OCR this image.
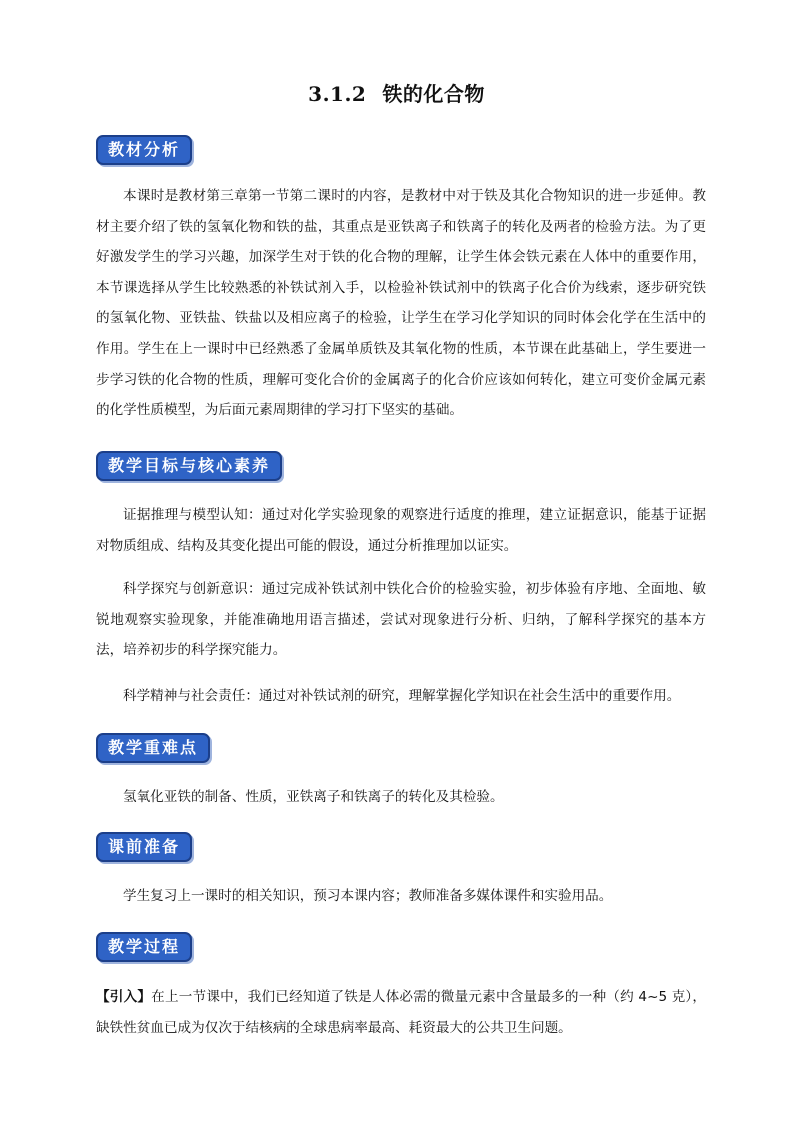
3.1.2 铁的化合物
教材分析
本课时是教材第三章第一节第二课时的内容，是教材中对于铁及其化合物知识的进一步延伸。教材主要介绍了铁的氢氧化物和铁的盐，其重点是亚铁离子和铁离子的转化及两者的检验方法。为了更好激发学生的学习兴趣，加深学生对于铁的化合物的理解，让学生体会铁元素在人体中的重要作用，本节课选择从学生比较熟悉的补铁试剂入手，以检验补铁试剂中的铁离子化合价为线索，逐步研究铁的氢氧化物、亚铁盐、铁盐以及相应离子的检验，让学生在学习化学知识的同时体会化学在生活中的作用。学生在上一课时中已经熟悉了金属单质铁及其氧化物的性质，本节课在此基础上，学生要进一步学习铁的化合物的性质，理解可变化合价的金属离子的化合价应该如何转化，建立可变价金属元素的化学性质模型，为后面元素周期律的学习打下坚实的基础。
教学目标与核心素养
证据推理与模型认知：通过对化学实验现象的观察进行适度的推理，建立证据意识，能基于证据对物质组成、结构及其变化提出可能的假设，通过分析推理加以证实。
科学探究与创新意识：通过完成补铁试剂中铁化合价的检验实验，初步体验有序地、全面地、敏锐地观察实验现象，并能准确地用语言描述，尝试对现象进行分析、归纳，了解科学探究的基本方法，培养初步的科学探究能力。
科学精神与社会责任：通过对补铁试剂的研究，理解掌握化学知识在社会生活中的重要作用。
教学重难点
氢氧化亚铁的制备、性质，亚铁离子和铁离子的转化及其检验。
课前准备
学生复习上一课时的相关知识，预习本课内容；教师准备多媒体课件和实验用品。
教学过程
【引入】在上一节课中，我们已经知道了铁是人体必需的微量元素中含量最多的一种（约 4~5 克），缺铁性贫血已成为仅次于结核病的全球患病率最高、耗资最大的公共卫生问题。
